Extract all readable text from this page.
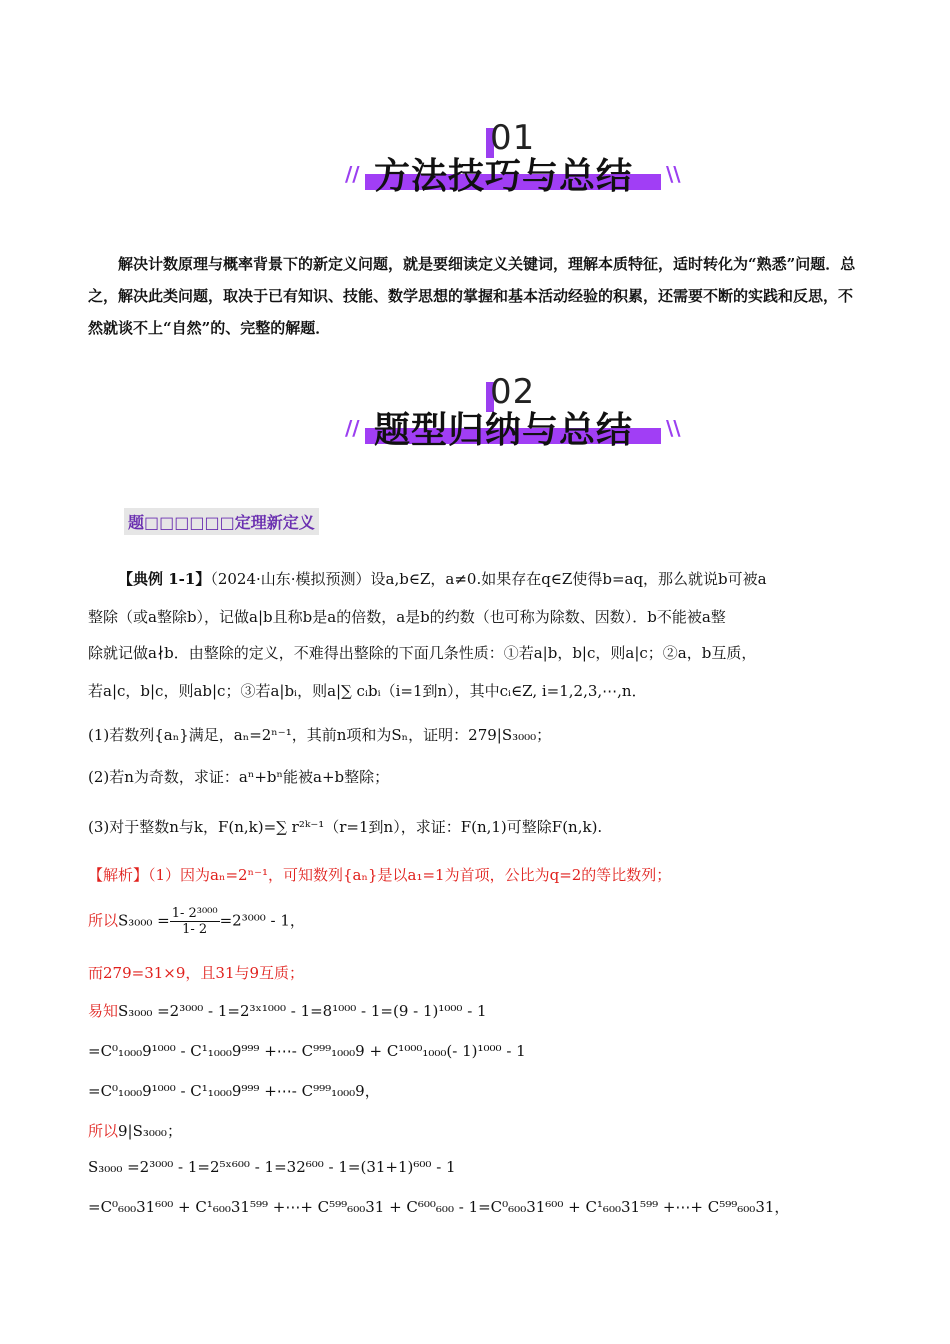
01
//	\\
方法技巧与总结
解决计数原理与概率背景下的新定义问题，就是要细读定义关键词，理解本质特征，适时转化为“熟悉”问题．总之，解决此类问题，取决于已有知识、技能、数学思想的掌握和基本活动经验的积累，还需要不断的实践和反思，不然就谈不上“自然”的、完整的解题．
02
//	\\
题型归纳与总结
题□□□□□□定理新定义
【典例 1-1】（2024·山东·模拟预测）设a,b∈Z，a≠0.如果存在q∈Z使得b=aq，那么就说b可被a
整除（或a整除b），记做a|b且称b是a的倍数，a是b的约数（也可称为除数、因数）．b不能被a整
除就记做a∤b．由整除的定义，不难得出整除的下面几条性质：①若a|b，b|c，则a|c；②a，b互质，
若a|c，b|c，则ab|c；③若a|bᵢ，则a|∑ cᵢbᵢ（i=1到n），其中cᵢ∈Z, i=1,2,3,⋯,n．
(1)若数列{aₙ}满足，aₙ=2ⁿ⁻¹，其前n项和为Sₙ，证明：279|S₃₀₀₀；
(2)若n为奇数，求证：aⁿ+bⁿ能被a+b整除；
(3)对于整数n与k，F(n,k)=∑ r²ᵏ⁻¹（r=1到n），求证：F(n,1)可整除F(n,k).
【解析】（1）因为aₙ=2ⁿ⁻¹，可知数列{aₙ}是以a₁=1为首项，公比为q=2的等比数列；
所以$S_{3000} = \frac{\text{1- 2³⁰⁰⁰}}{1- 2} =2^{3000} - 1$，
而279=31×9，且31与9互质；
易知S₃₀₀₀ =2³⁰⁰⁰ - 1=2³ˣ¹⁰⁰⁰ - 1=8¹⁰⁰⁰ - 1=(9 - 1)¹⁰⁰⁰ - 1
=C⁰₁₀₀₀9¹⁰⁰⁰ - C¹₁₀₀₀9⁹⁹⁹ +⋯- C⁹⁹⁹₁₀₀₀9 + C¹⁰⁰⁰₁₀₀₀(- 1)¹⁰⁰⁰ - 1
=C⁰₁₀₀₀9¹⁰⁰⁰ - C¹₁₀₀₀9⁹⁹⁹ +⋯- C⁹⁹⁹₁₀₀₀9，
所以9|S₃₀₀₀；
S₃₀₀₀ =2³⁰⁰⁰ - 1=2⁵ˣ⁶⁰⁰ - 1=32⁶⁰⁰ - 1=(31+1)⁶⁰⁰ - 1
=C⁰₆₀₀31⁶⁰⁰ + C¹₆₀₀31⁵⁹⁹ +⋯+ C⁵⁹⁹₆₀₀31 + C⁶⁰⁰₆₀₀ - 1=C⁰₆₀₀31⁶⁰⁰ + C¹₆₀₀31⁵⁹⁹ +⋯+ C⁵⁹⁹₆₀₀31，
